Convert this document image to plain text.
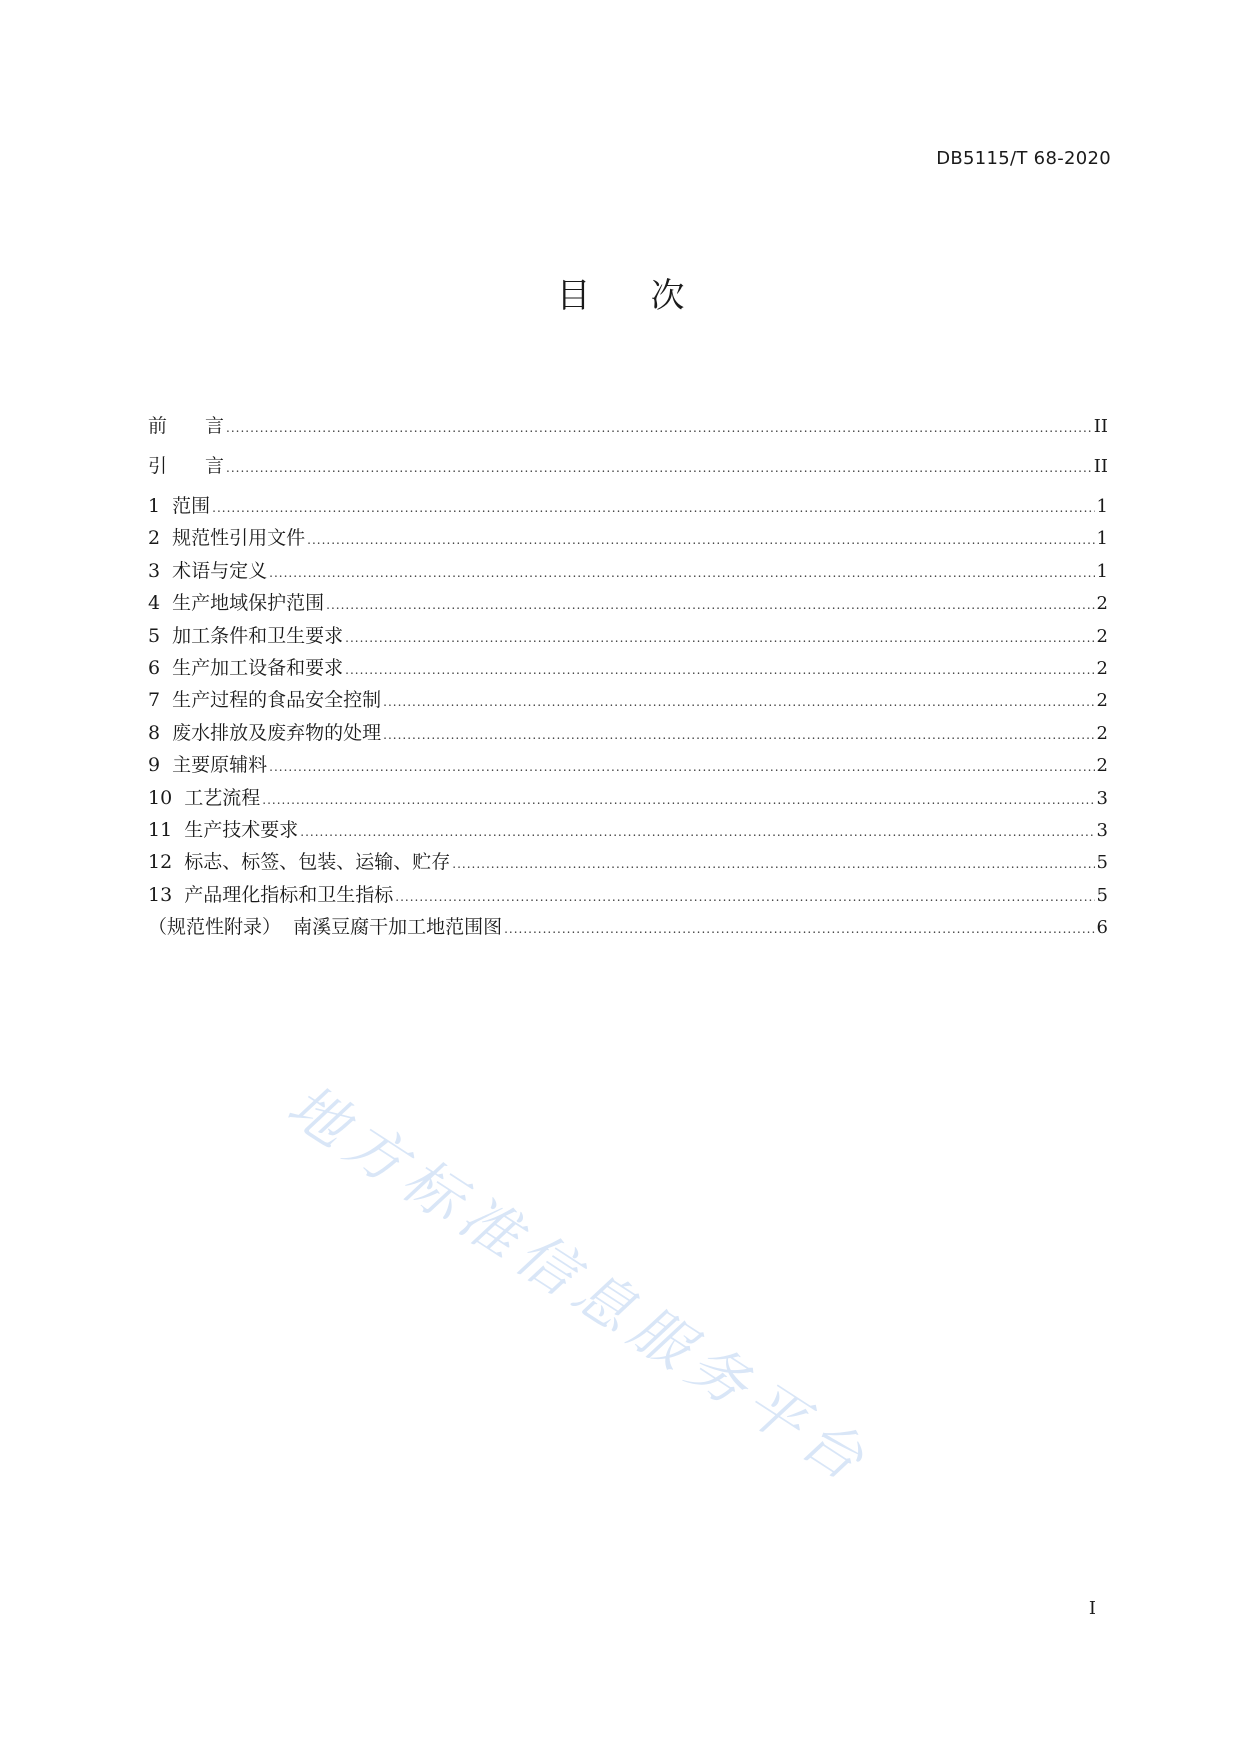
DB5115/T 68-2020
目次
前　　言 .....	II
引　　言 .....	II
1  范围 .....	1
2  规范性引用文件 .....	1
3  术语与定义 .....	1
4  生产地域保护范围 .....	2
5  加工条件和卫生要求 .....	2
6  生产加工设备和要求 .....	2
7  生产过程的食品安全控制 .....	2
8  废水排放及废弃物的处理 .....	2
9  主要原辅料 .....	2
10  工艺流程 .....	3
11  生产技术要求 .....	3
12  标志、标签、包装、运输、贮存 .....	5
13  产品理化指标和卫生指标 .....	5
（规范性附录）  南溪豆腐干加工地范围图 .....	6
地方标准信息服务平台
I
